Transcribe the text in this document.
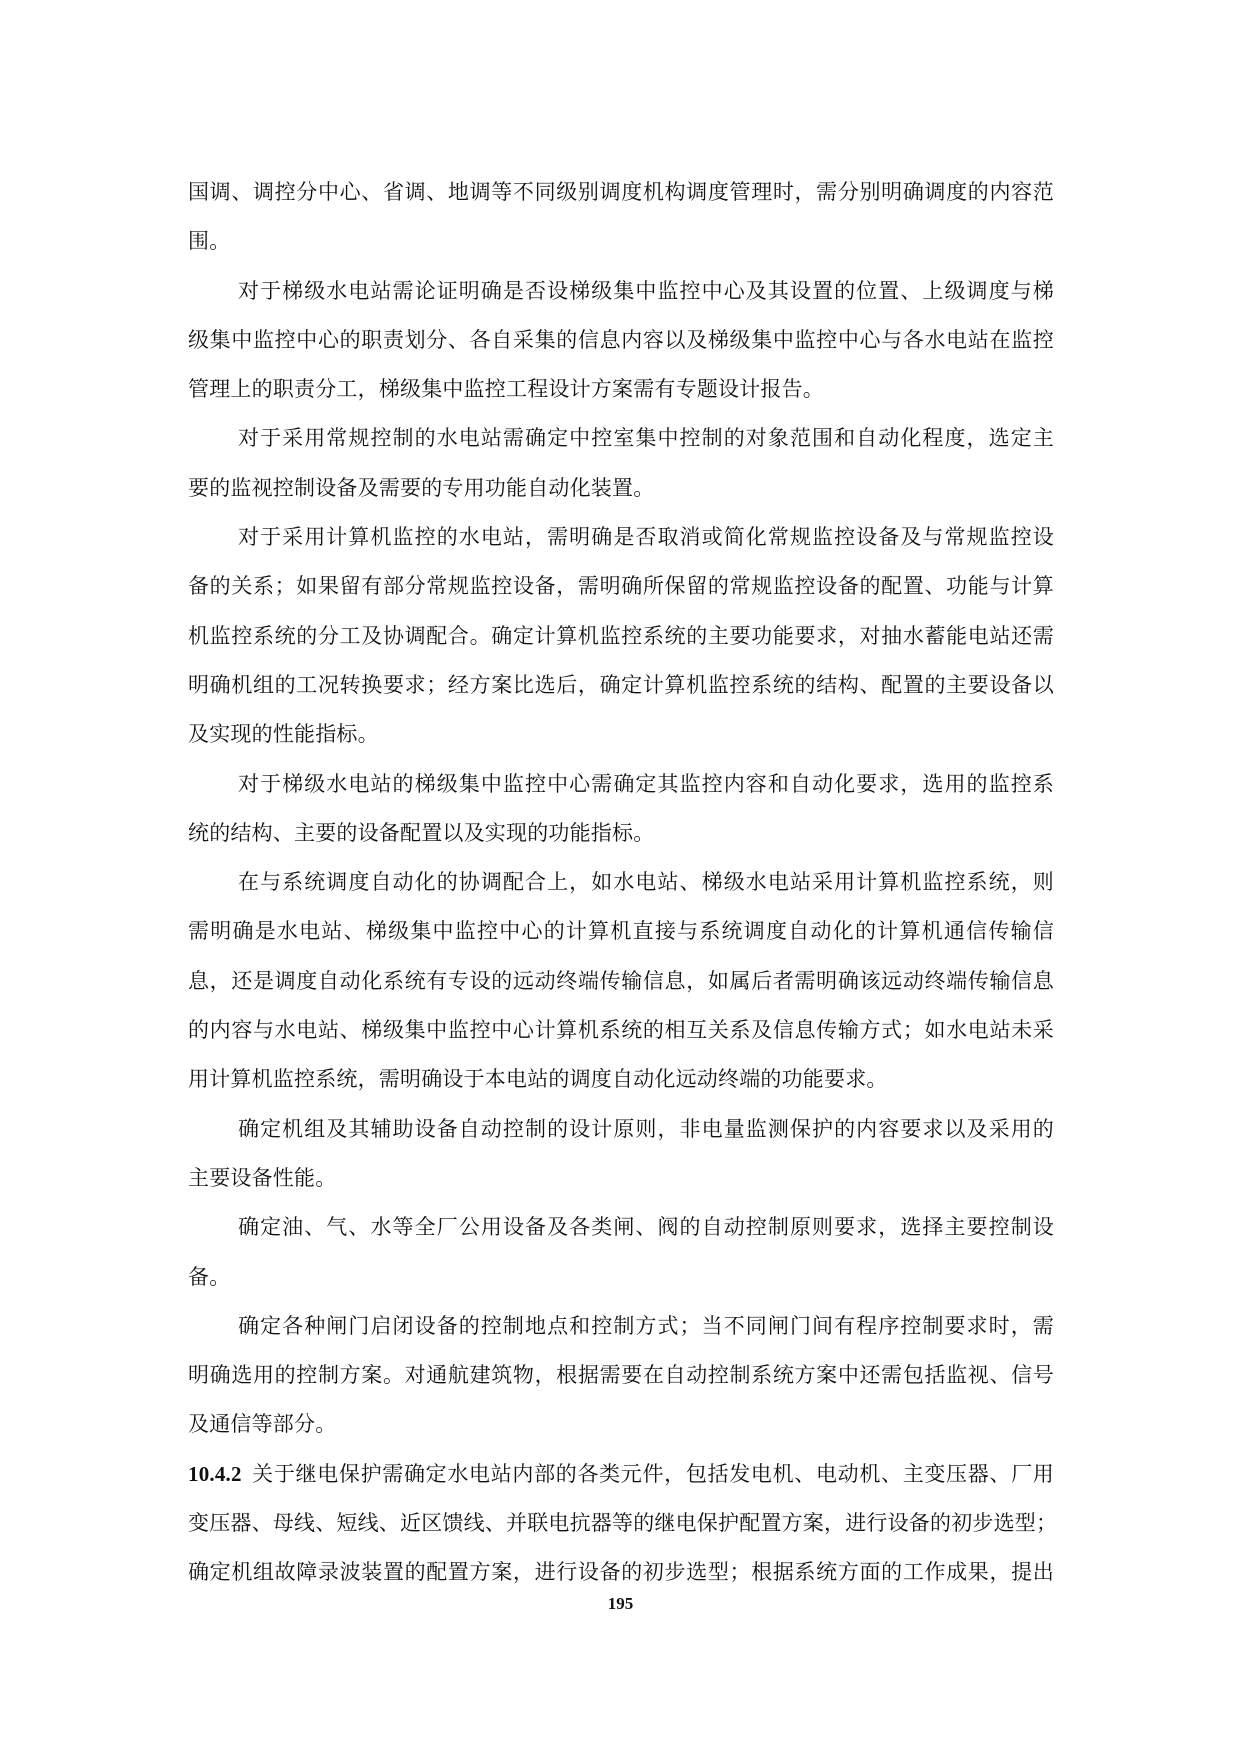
国调、调控分中心、省调、地调等不同级别调度机构调度管理时，需分别明确调度的内容范
围。
对于梯级水电站需论证明确是否设梯级集中监控中心及其设置的位置、上级调度与梯
级集中监控中心的职责划分、各自采集的信息内容以及梯级集中监控中心与各水电站在监控
管理上的职责分工，梯级集中监控工程设计方案需有专题设计报告。
对于采用常规控制的水电站需确定中控室集中控制的对象范围和自动化程度，选定主
要的监视控制设备及需要的专用功能自动化装置。
对于采用计算机监控的水电站，需明确是否取消或简化常规监控设备及与常规监控设
备的关系；如果留有部分常规监控设备，需明确所保留的常规监控设备的配置、功能与计算
机监控系统的分工及协调配合。确定计算机监控系统的主要功能要求，对抽水蓄能电站还需
明确机组的工况转换要求；经方案比选后，确定计算机监控系统的结构、配置的主要设备以
及实现的性能指标。
对于梯级水电站的梯级集中监控中心需确定其监控内容和自动化要求，选用的监控系
统的结构、主要的设备配置以及实现的功能指标。
在与系统调度自动化的协调配合上，如水电站、梯级水电站采用计算机监控系统，则
需明确是水电站、梯级集中监控中心的计算机直接与系统调度自动化的计算机通信传输信
息，还是调度自动化系统有专设的远动终端传输信息，如属后者需明确该远动终端传输信息
的内容与水电站、梯级集中监控中心计算机系统的相互关系及信息传输方式；如水电站未采
用计算机监控系统，需明确设于本电站的调度自动化远动终端的功能要求。
确定机组及其辅助设备自动控制的设计原则，非电量监测保护的内容要求以及采用的
主要设备性能。
确定油、气、水等全厂公用设备及各类闸、阀的自动控制原则要求，选择主要控制设
备。
确定各种闸门启闭设备的控制地点和控制方式；当不同闸门间有程序控制要求时，需
明确选用的控制方案。对通航建筑物，根据需要在自动控制系统方案中还需包括监视、信号
及通信等部分。
10.4.2 关于继电保护需确定水电站内部的各类元件，包括发电机、电动机、主变压器、厂用
变压器、母线、短线、近区馈线、并联电抗器等的继电保护配置方案，进行设备的初步选型；
确定机组故障录波装置的配置方案，进行设备的初步选型；根据系统方面的工作成果，提出
195
